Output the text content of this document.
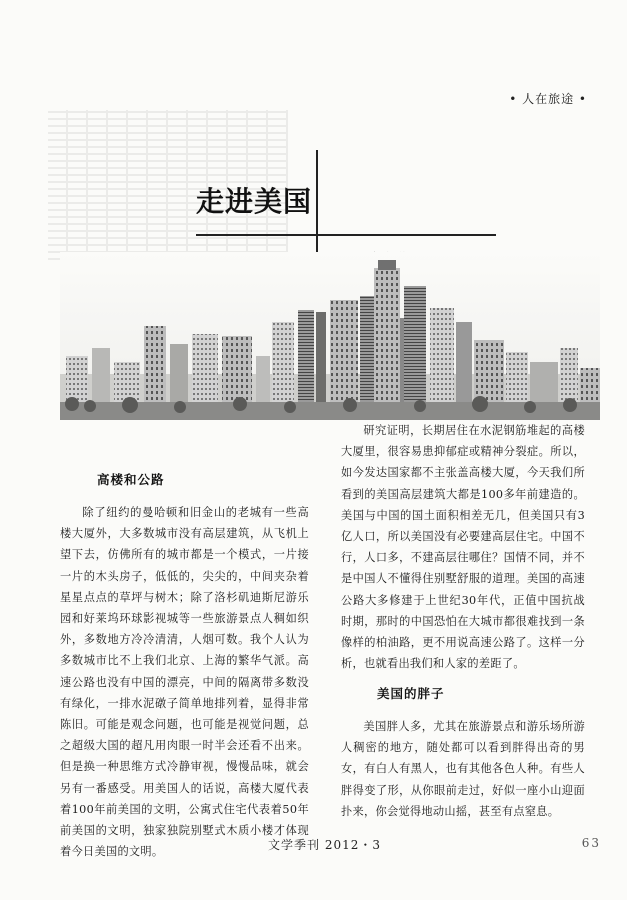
• 人在旅途 •
走进美国
高楼和公路

除了纽约的曼哈顿和旧金山的老城有一些高楼大厦外，大多数城市没有高层建筑，从飞机上望下去，仿佛所有的城市都是一个模式，一片接一片的木头房子，低低的，尖尖的，中间夹杂着星星点点的草坪与树木；除了洛杉矶迪斯尼游乐园和好莱坞环球影视城等一些旅游景点人稠如织外，多数地方冷冷清清，人烟可数。我个人认为多数城市比不上我们北京、上海的繁华气派。高速公路也没有中国的漂亮，中间的隔离带多数没有绿化，一排水泥礅子简单地排列着，显得非常陈旧。可能是观念问题，也可能是视觉问题，总之超级大国的超凡用肉眼一时半会还看不出来。但是换一种思维方式冷静审视，慢慢品味，就会另有一番感受。用美国人的话说，高楼大厦代表着100年前美国的文明，公寓式住宅代表着50年前美国的文明，独家独院别墅式木质小楼才体现着今日美国的文明。

研究证明，长期居住在水泥钢筋堆起的高楼大厦里，很容易患抑郁症或精神分裂症。所以，如今发达国家都不主张盖高楼大厦，今天我们所看到的美国高层建筑大都是100多年前建造的。美国与中国的国土面积相差无几，但美国只有3亿人口，所以美国没有必要建高层住宅。中国不行，人口多，不建高层往哪住？国情不同，并不是中国人不懂得住别墅舒服的道理。美国的高速公路大多修建于上世纪30年代，正值中国抗战时期，那时的中国恐怕在大城市都很难找到一条像样的柏油路，更不用说高速公路了。这样一分析，也就看出我们和人家的差距了。

美国的胖子

美国胖人多，尤其在旅游景点和游乐场所游人稠密的地方，随处都可以看到胖得出奇的男女，有白人有黑人，也有其他各色人种。有些人胖得变了形，从你眼前走过，好似一座小山迎面扑来，你会觉得地动山摇，甚至有点窒息。

文学季刊 2012・3	63
